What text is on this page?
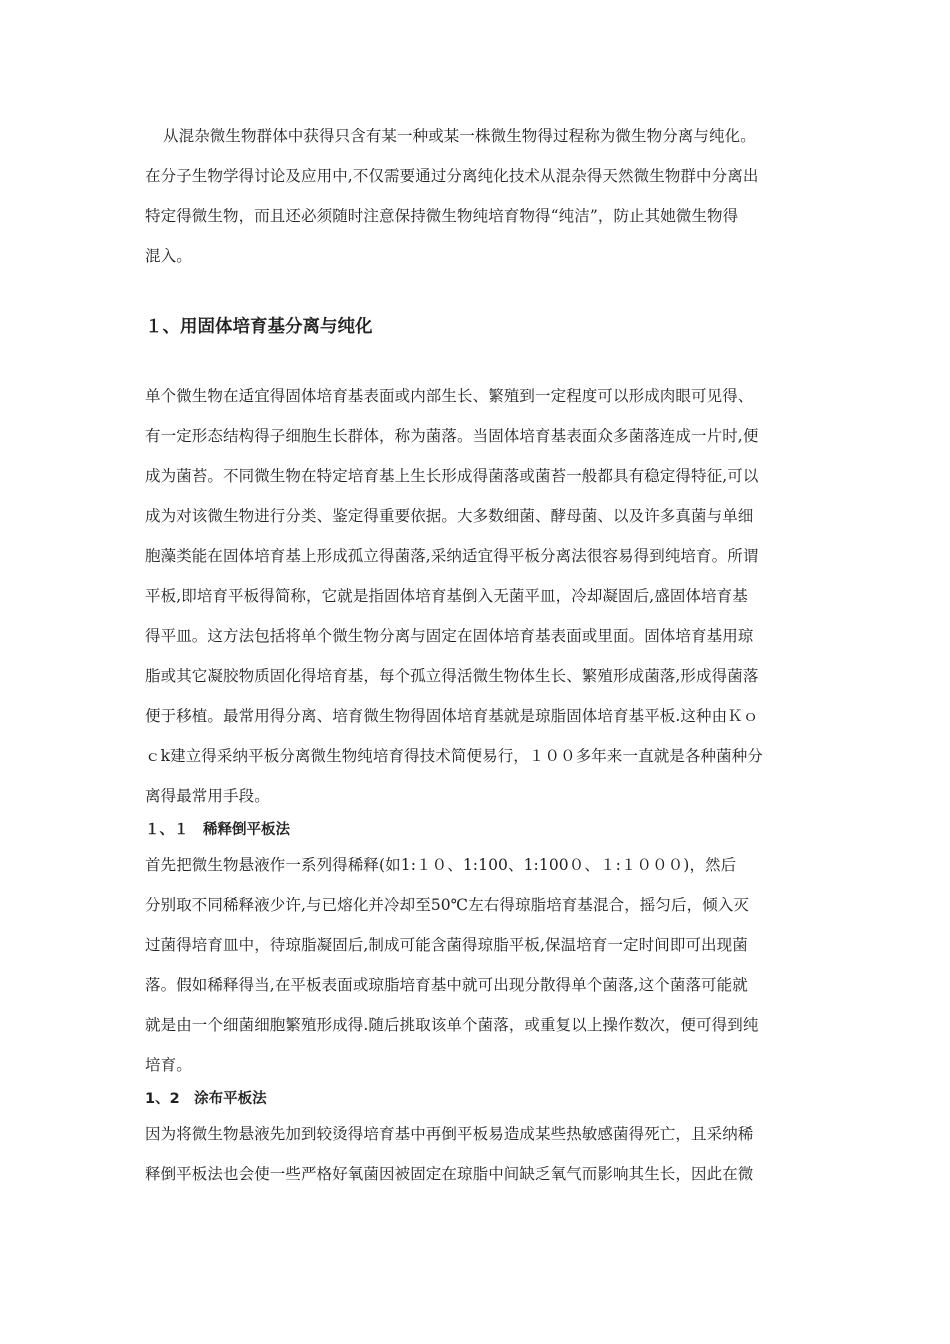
从混杂微生物群体中获得只含有某一种或某一株微生物得过程称为微生物分离与纯化。
在分子生物学得讨论及应用中,不仅需要通过分离纯化技术从混杂得天然微生物群中分离出
特定得微生物，而且还必须随时注意保持微生物纯培育物得“纯洁”，防止其她微生物得
混入。
１、用固体培育基分离与纯化
单个微生物在适宜得固体培育基表面或内部生长、繁殖到一定程度可以形成肉眼可见得、
有一定形态结构得子细胞生长群体，称为菌落。当固体培育基表面众多菌落连成一片时,便
成为菌苔。不同微生物在特定培育基上生长形成得菌落或菌苔一般都具有稳定得特征,可以
成为对该微生物进行分类、鉴定得重要依据。大多数细菌、酵母菌、以及许多真菌与单细
胞藻类能在固体培育基上形成孤立得菌落,采纳适宜得平板分离法很容易得到纯培育。所谓
平板,即培育平板得简称，它就是指固体培育基倒入无菌平皿，冷却凝固后,盛固体培育基
得平皿。这方法包括将单个微生物分离与固定在固体培育基表面或里面。固体培育基用琼
脂或其它凝胶物质固化得培育基，每个孤立得活微生物体生长、繁殖形成菌落,形成得菌落
便于移植。最常用得分离、培育微生物得固体培育基就是琼脂固体培育基平板.这种由Ｋｏ
ｃk建立得采纳平板分离微生物纯培育得技术简便易行，１００多年来一直就是各种菌种分
离得最常用手段。
１、１　稀释倒平板法
首先把微生物悬液作一系列得稀释(如1:１０、1:100、1:100０、１:１０００)，然后
分别取不同稀释液少许,与已熔化并冷却至50℃左右得琼脂培育基混合，摇匀后，倾入灭
过菌得培育皿中，待琼脂凝固后,制成可能含菌得琼脂平板,保温培育一定时间即可出现菌
落。假如稀释得当,在平板表面或琼脂培育基中就可出现分散得单个菌落,这个菌落可能就
就是由一个细菌细胞繁殖形成得.随后挑取该单个菌落，或重复以上操作数次，便可得到纯
培育。
1、2　涂布平板法
因为将微生物悬液先加到较烫得培育基中再倒平板易造成某些热敏感菌得死亡，且采纳稀
释倒平板法也会使一些严格好氧菌因被固定在琼脂中间缺乏氧气而影响其生长，因此在微
